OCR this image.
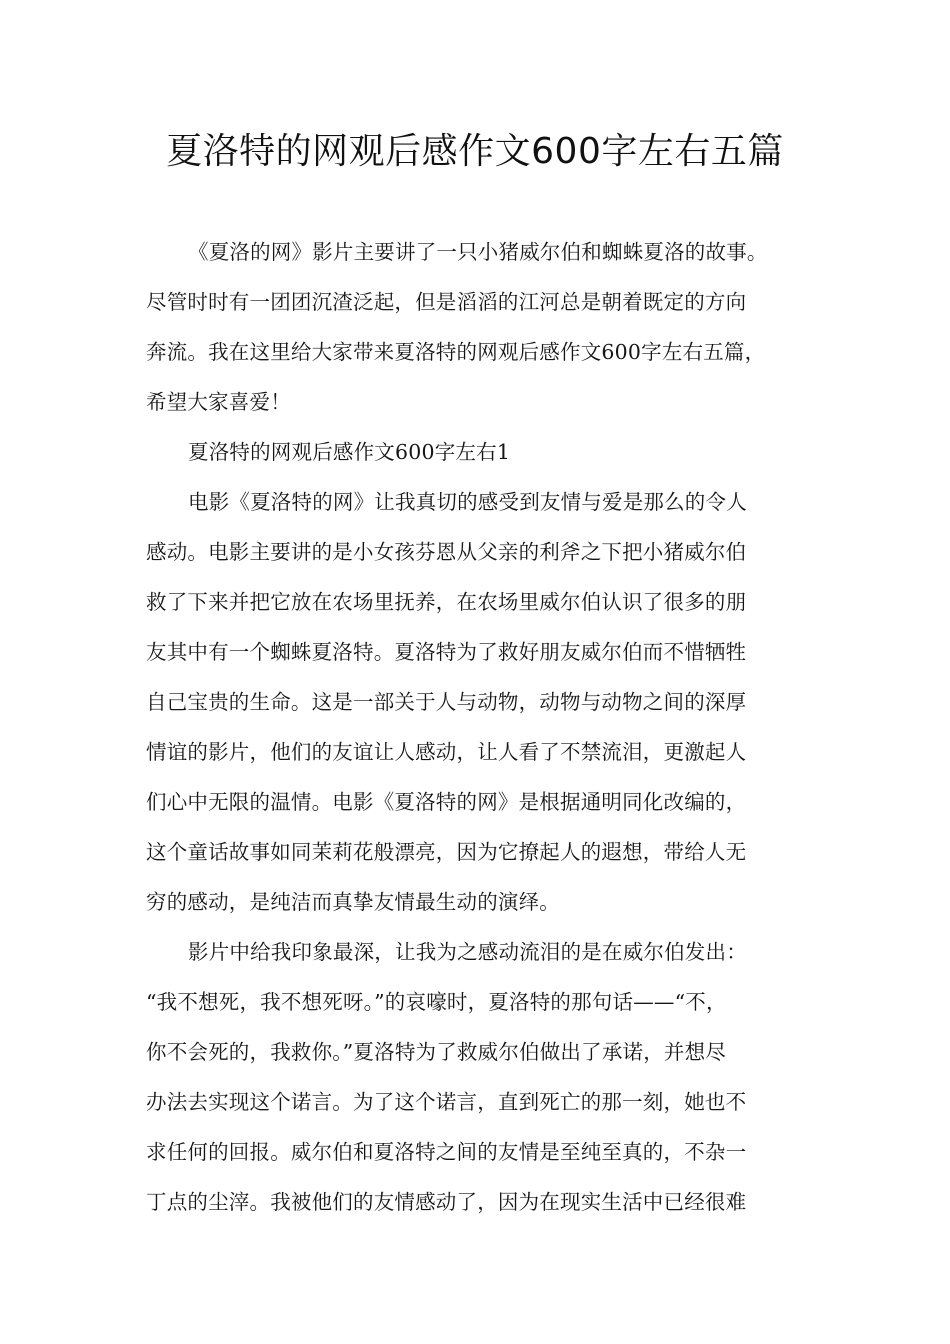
夏洛特的网观后感作文600字左右五篇
《夏洛的网》影片主要讲了一只小猪威尔伯和蜘蛛夏洛的故事。
尽管时时有一团团沉渣泛起，但是滔滔的江河总是朝着既定的方向
奔流。我在这里给大家带来夏洛特的网观后感作文600字左右五篇，
希望大家喜爱！
夏洛特的网观后感作文600字左右1
电影《夏洛特的网》让我真切的感受到友情与爱是那么的令人
感动。电影主要讲的是小女孩芬恩从父亲的利斧之下把小猪威尔伯
救了下来并把它放在农场里抚养，在农场里威尔伯认识了很多的朋
友其中有一个蜘蛛夏洛特。夏洛特为了救好朋友威尔伯而不惜牺牲
自己宝贵的生命。这是一部关于人与动物，动物与动物之间的深厚
情谊的影片，他们的友谊让人感动，让人看了不禁流泪，更激起人
们心中无限的温情。电影《夏洛特的网》是根据通明同化改编的，
这个童话故事如同茉莉花般漂亮，因为它撩起人的遐想，带给人无
穷的感动，是纯洁而真挚友情最生动的演绎。
影片中给我印象最深，让我为之感动流泪的是在威尔伯发出：
“我不想死，我不想死呀。”的哀嚎时，夏洛特的那句话——“不，
你不会死的，我救你。”夏洛特为了救威尔伯做出了承诺，并想尽
办法去实现这个诺言。为了这个诺言，直到死亡的那一刻，她也不
求任何的回报。威尔伯和夏洛特之间的友情是至纯至真的，不杂一
丁点的尘滓。我被他们的友情感动了，因为在现实生活中已经很难
